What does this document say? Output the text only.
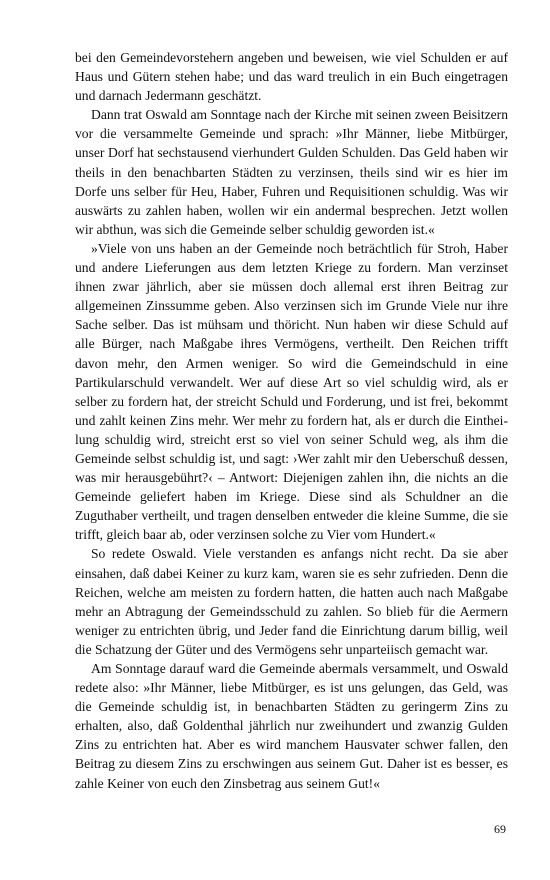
bei den Gemeindevorstehern angeben und beweisen, wie viel Schulden er auf Haus und Gütern stehen habe; und das ward treulich in ein Buch eingetragen und darnach Jedermann geschätzt.

Dann trat Oswald am Sonntage nach der Kirche mit seinen zween Beisitzern vor die versammelte Gemeinde und sprach: »Ihr Männer, liebe Mitbürger, unser Dorf hat sechstausend vierhundert Gulden Schulden. Das Geld haben wir theils in den benachbarten Städten zu verzinsen, theils sind wir es hier im Dorfe uns selber für Heu, Haber, Fuhren und Requisitionen schuldig. Was wir auswärts zu zahlen haben, wollen wir ein andermal besprechen. Jetzt wollen wir abthun, was sich die Gemeinde selber schuldig geworden ist.«

»Viele von uns haben an der Gemeinde noch beträchtlich für Stroh, Haber und andere Lieferungen aus dem letzten Kriege zu fordern. Man verzinset ihnen zwar jährlich, aber sie müssen doch allemal erst ihren Beitrag zur allgemeinen Zinssumme geben. Also verzinsen sich im Grunde Viele nur ihre Sache selber. Das ist mühsam und thöricht. Nun haben wir diese Schuld auf alle Bürger, nach Maßgabe ihres Vermögens, vertheilt. Den Reichen trifft davon mehr, den Armen weniger. So wird die Gemeindschuld in eine Partikularschuld verwandelt. Wer auf diese Art so viel schuldig wird, als er selber zu fordern hat, der streicht Schuld und Forderung, und ist frei, bekommt und zahlt keinen Zins mehr. Wer mehr zu fordern hat, als er durch die Eintheilung schuldig wird, streicht erst so viel von seiner Schuld weg, als ihm die Gemeinde selbst schuldig ist, und sagt: ›Wer zahlt mir den Ueberschuß dessen, was mir herausgebührt?‹ – Antwort: Diejenigen zahlen ihn, die nichts an die Gemeinde geliefert haben im Kriege. Diese sind als Schuldner an die Zuguthaber vertheilt, und tragen denselben entweder die kleine Summe, die sie trifft, gleich baar ab, oder verzinsen solche zu Vier vom Hundert.«

So redete Oswald. Viele verstanden es anfangs nicht recht. Da sie aber einsahen, daß dabei Keiner zu kurz kam, waren sie es sehr zufrieden. Denn die Reichen, welche am meisten zu fordern hatten, die hatten auch nach Maßgabe mehr an Abtragung der Gemeindsschuld zu zahlen. So blieb für die Aermern weniger zu entrichten übrig, und Jeder fand die Einrichtung darum billig, weil die Schatzung der Güter und des Vermögens sehr unparteiisch gemacht war.

Am Sonntage darauf ward die Gemeinde abermals versammelt, und Oswald redete also: »Ihr Männer, liebe Mitbürger, es ist uns gelungen, das Geld, was die Gemeinde schuldig ist, in benachbarten Städten zu geringerm Zins zu erhalten, also, daß Goldenthal jährlich nur zweihundert und zwanzig Gulden Zins zu entrichten hat. Aber es wird manchem Hausvater schwer fallen, den Beitrag zu diesem Zins zu erschwingen aus seinem Gut. Daher ist es besser, es zahle Keiner von euch den Zinsbetrag aus seinem Gut!«

69
